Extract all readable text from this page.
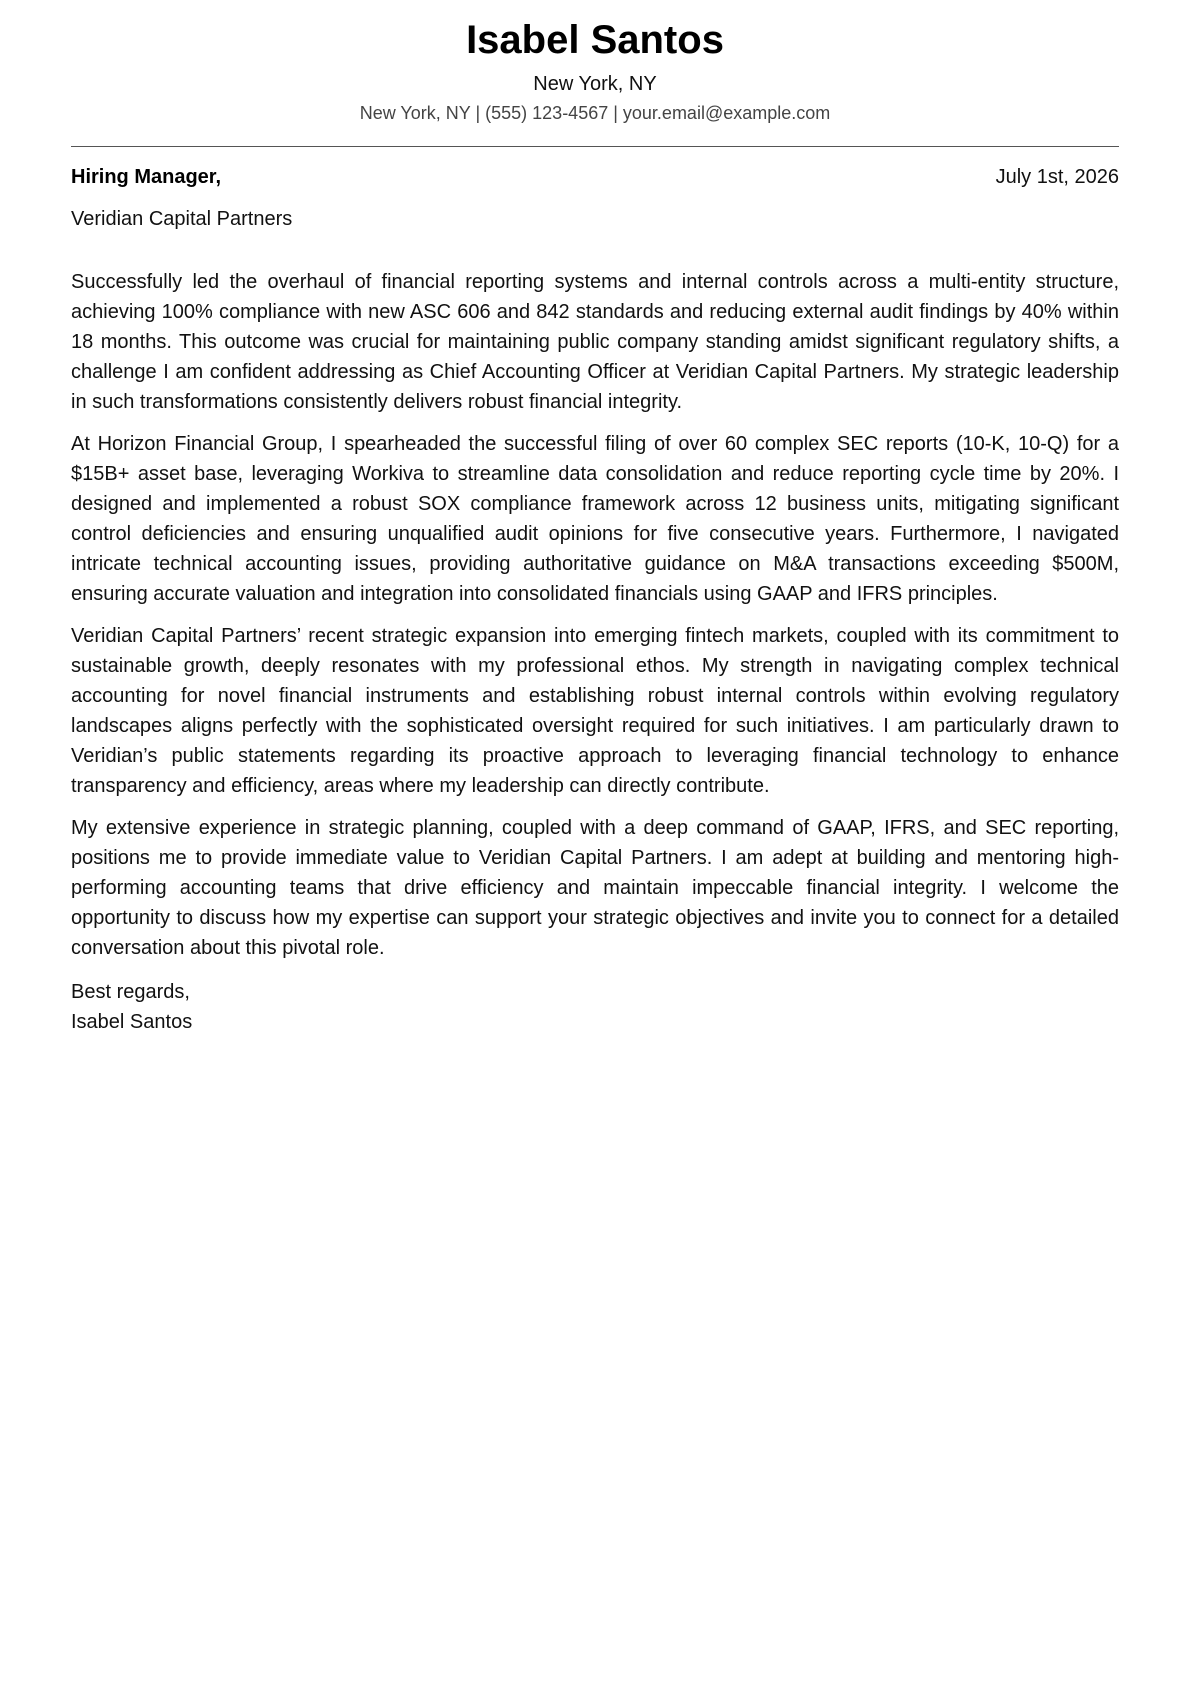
Isabel Santos
New York, NY
New York, NY | (555) 123-4567 | your.email@example.com
Hiring Manager,	July 1st, 2026
Veridian Capital Partners

Successfully led the overhaul of financial reporting systems and internal controls across a multi-entity structure, achieving 100% compliance with new ASC 606 and 842 standards and reducing external audit findings by 40% within 18 months. This outcome was crucial for maintaining public company standing amidst significant regulatory shifts, a challenge I am confident addressing as Chief Accounting Officer at Veridian Capital Partners. My strategic leadership in such transformations consistently delivers robust financial integrity.

At Horizon Financial Group, I spearheaded the successful filing of over 60 complex SEC reports (10-K, 10-Q) for a $15B+ asset base, leveraging Workiva to streamline data consolidation and reduce reporting cycle time by 20%. I designed and implemented a robust SOX compliance framework across 12 business units, mitigating significant control deficiencies and ensuring unqualified audit opinions for five consecutive years. Furthermore, I navigated intricate technical accounting issues, providing authoritative guidance on M&A transactions exceeding $500M, ensuring accurate valuation and integration into consolidated financials using GAAP and IFRS principles.

Veridian Capital Partners’ recent strategic expansion into emerging fintech markets, coupled with its commitment to sustainable growth, deeply resonates with my professional ethos. My strength in navigating complex technical accounting for novel financial instruments and establishing robust internal controls within evolving regulatory landscapes aligns perfectly with the sophisticated oversight required for such initiatives. I am particularly drawn to Veridian’s public statements regarding its proactive approach to leveraging financial technology to enhance transparency and efficiency, areas where my leadership can directly contribute.

My extensive experience in strategic planning, coupled with a deep command of GAAP, IFRS, and SEC reporting, positions me to provide immediate value to Veridian Capital Partners. I am adept at building and mentoring high-performing accounting teams that drive efficiency and maintain impeccable financial integrity. I welcome the opportunity to discuss how my expertise can support your strategic objectives and invite you to connect for a detailed conversation about this pivotal role.

Best regards,
Isabel Santos
